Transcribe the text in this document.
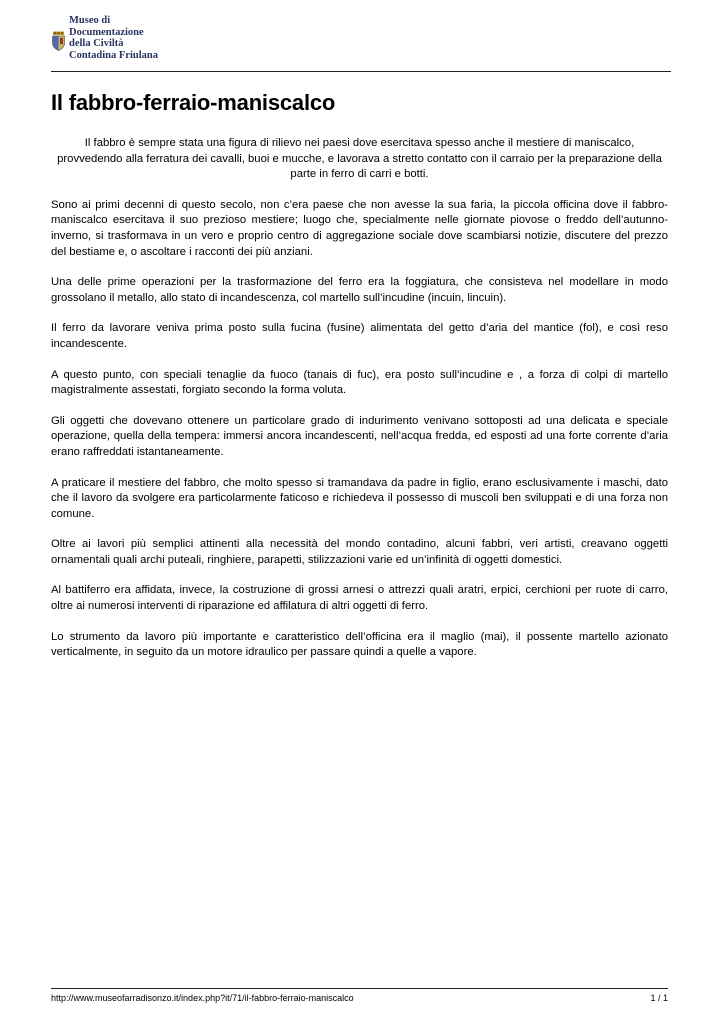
Museo di
Documentazione
della Civiltà
Contadina Friulana
Il fabbro-ferraio-maniscalco

Il fabbro è sempre stata una figura di rilievo nei paesi dove esercitava spesso anche il mestiere di maniscalco, provvedendo alla ferratura dei cavalli, buoi e mucche, e lavorava a stretto contatto con il carraio per la preparazione della parte in ferro di carri e botti.

Sono ai primi decenni di questo secolo, non c’era paese che non avesse la sua faria, la piccola officina dove il fabbro-maniscalco esercitava il suo prezioso mestiere; luogo che, specialmente nelle giornate piovose o freddo dell’autunno-inverno, si trasformava in un vero e proprio centro di aggregazione sociale dove scambiarsi notizie, discutere del prezzo del bestiame e, o ascoltare i racconti dei più anziani.

Una delle prime operazioni per la trasformazione del ferro era la foggiatura, che consisteva nel modellare in modo grossolano il metallo, allo stato di incandescenza, col martello sull’incudine (incuin, lincuin).

Il ferro da lavorare veniva prima posto sulla fucina (fusine) alimentata del getto d’aria del mantice (fol), e così reso incandescente.

A questo punto, con speciali tenaglie da fuoco (tanais di fuc), era posto sull’incudine e , a forza di colpi di martello magistralmente assestati, forgiato secondo la forma voluta.

Gli oggetti che dovevano ottenere un particolare grado di indurimento venivano sottoposti ad una delicata e speciale operazione, quella della tempera: immersi ancora incandescenti, nell’acqua fredda, ed esposti ad una forte corrente d’aria erano raffreddati istantaneamente.

A praticare il mestiere del fabbro, che molto spesso si tramandava da padre in figlio, erano esclusivamente i maschi, dato che il lavoro da svolgere era particolarmente faticoso e richiedeva il possesso di muscoli ben sviluppati e di una forza non comune.

Oltre ai lavori più semplici attinenti alla necessità del mondo contadino, alcuni fabbri, veri artisti, creavano oggetti ornamentali quali archi puteali, ringhiere, parapetti, stilizzazioni varie ed un’infinità di oggetti domestici.

Al battiferro era affidata, invece, la costruzione di grossi arnesi o attrezzi quali aratri, erpici, cerchioni per ruote di carro, oltre ai numerosi interventi di riparazione ed affilatura di altri oggetti di ferro.

Lo strumento da lavoro più importante e caratteristico dell’officina era il maglio (mai), il possente martello azionato verticalmente, in seguito da un motore idraulico per passare quindi a quelle a vapore.

http://www.museofarradisonzo.it/index.php?it/71/il-fabbro-ferraio-maniscalco	1 / 1
